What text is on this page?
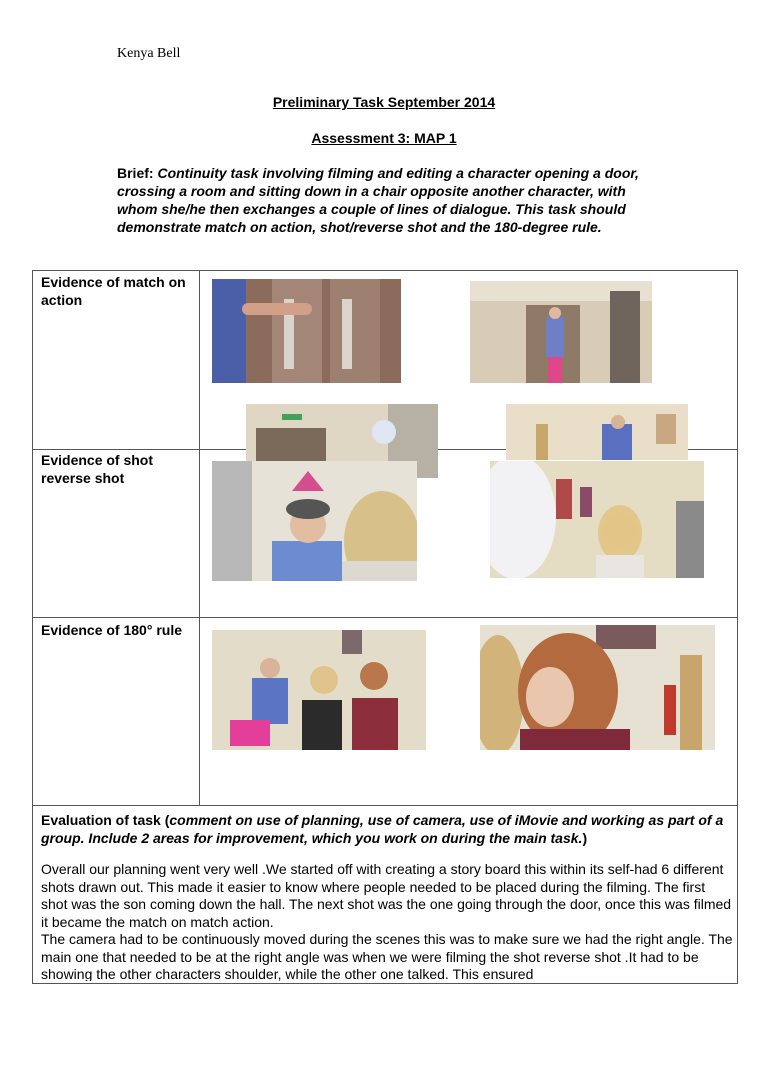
Kenya Bell
Preliminary Task September 2014
Assessment 3: MAP 1
Brief: Continuity task involving filming and editing a character opening a door, crossing a room and sitting down in a chair opposite another character, with whom she/he then exchanges a couple of lines of dialogue. This task should demonstrate match on action, shot/reverse shot and the 180-degree rule.
Evidence of match on action
Evidence of shot reverse shot
Evidence of 180° rule
Evaluation of task (comment on use of planning, use of camera, use of iMovie and working as part of a group. Include 2 areas for improvement, which you work on during the main task.)

Overall our planning went very well .We started off with creating a story board this within its self-had 6 different shots drawn out. This made it easier to know where people needed to be placed during the filming. The first shot was the son coming down the hall. The next shot was the one going through the door, once this was filmed it became the match on match action.

The camera had to be continuously moved during the scenes this was to make sure we had the right angle. The main one that needed to be at the right angle was when we were filming the shot reverse shot .It had to be showing the other characters shoulder, while the other one talked. This ensured
